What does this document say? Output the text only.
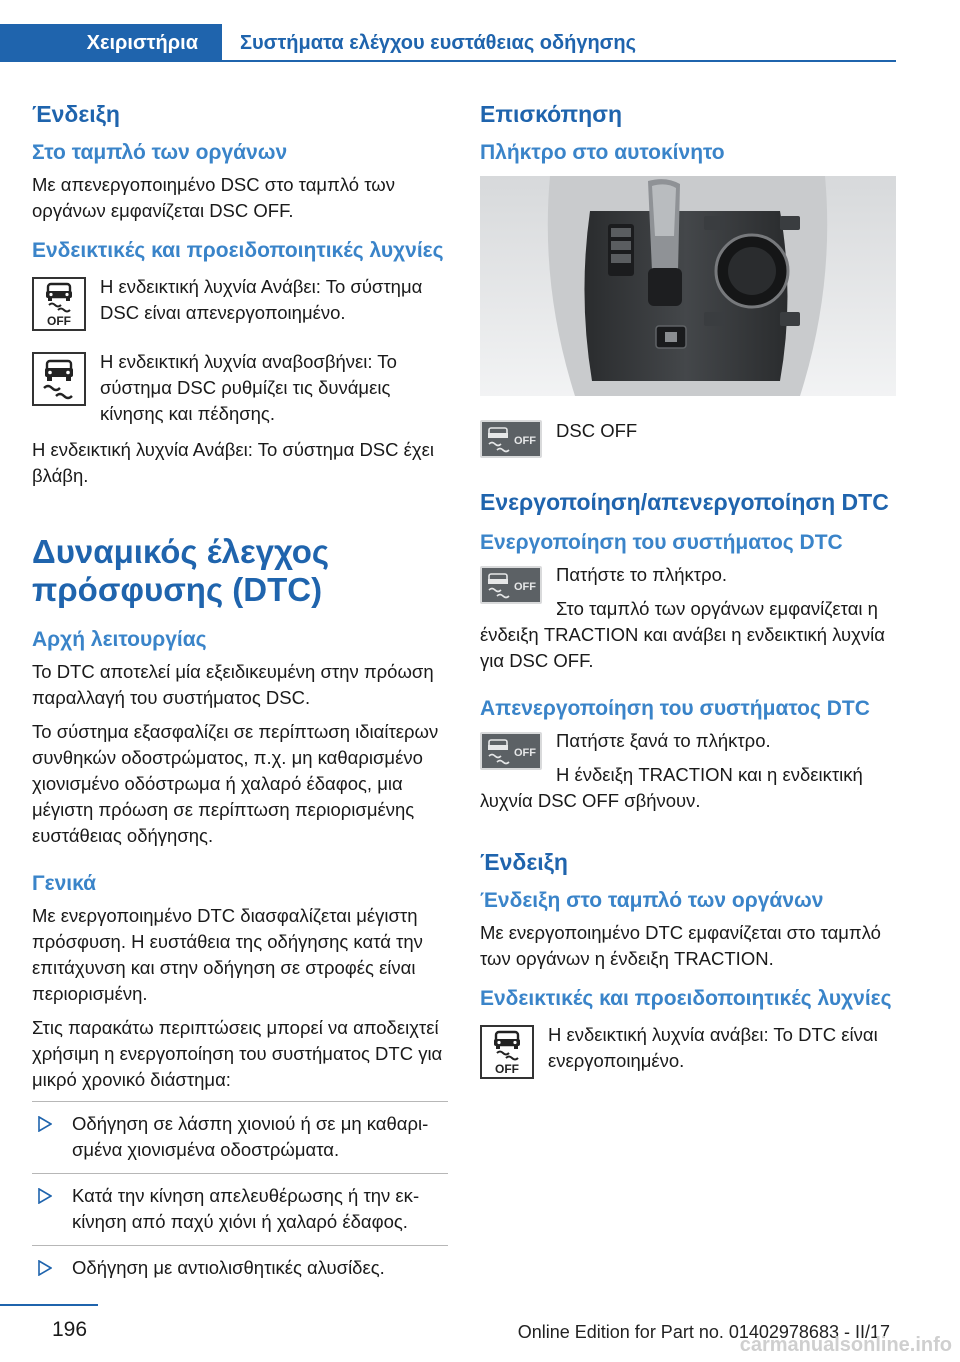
Χειριστήρια	Συστήματα ελέγχου ευστάθειας οδήγησης
Ένδειξη
Στο ταμπλό των οργάνων
Με απενεργοποιημένο DSC στο ταμπλό των οργάνων εμφανίζεται DSC OFF.
Ενδεικτικές και προειδοποιητικές λυχνίες
OFF
Η ενδεικτική λυχνία Ανάβει: Το σύστημα DSC είναι απενεργοποιημένο.
Η ενδεικτική λυχνία αναβοσβήνει: Το σύστημα DSC ρυθμίζει τις δυνάμεις κίνησης και πέδησης.
Η ενδεικτική λυχνία Ανάβει: Το σύστημα DSC έχει βλάβη.
Δυναμικός έλεγχος πρόσφυσης (DTC)
Αρχή λειτουργίας
Το DTC αποτελεί μία εξειδικευμένη στην πρόωση παραλλαγή του συστήματος DSC.
Το σύστημα εξασφαλίζει σε περίπτωση ιδιαίτερων συνθηκών οδοστρώματος, π.χ. μη καθαρισμένο χιονισμένο οδόστρωμα ή χαλαρό έδαφος, μια μέγιστη πρόωση σε περίπτωση περιορισμένης ευστάθειας οδήγησης.
Γενικά
Με ενεργοποιημένο DTC διασφαλίζεται μέγιστη πρόσφυση. Η ευστάθεια της οδήγησης κατά την επιτάχυνση και στην οδήγηση σε στροφές είναι περιορισμένη.
Στις παρακάτω περιπτώσεις μπορεί να αποδειχτεί χρήσιμη η ενεργοποίηση του συστήματος DTC για μικρό χρονικό διάστημα:
Οδήγηση σε λάσπη χιονιού ή σε μη καθαρισμένα χιονισμένα οδοστρώματα.
Κατά την κίνηση απελευθέρωσης ή την εκκίνηση από παχύ χιόνι ή χαλαρό έδαφος.
Οδήγηση με αντιολισθητικές αλυσίδες.
Επισκόπηση
Πλήκτρο στο αυτοκίνητο
OFF	DSC OFF
Ενεργοποίηση/απενεργοποίηση DTC
Ενεργοποίηση του συστήματος DTC
OFF
Πατήστε το πλήκτρο.
Στο ταμπλό των οργάνων εμφανίζεται η ένδειξη TRACTION και ανάβει η ενδεικτική λυχνία για DSC OFF.
Απενεργοποίηση του συστήματος DTC
OFF
Πατήστε ξανά το πλήκτρο.
Η ένδειξη TRACTION και η ενδεικτική λυχνία DSC OFF σβήνουν.
Ένδειξη
Ένδειξη στο ταμπλό των οργάνων
Με ενεργοποιημένο DTC εμφανίζεται στο ταμπλό των οργάνων η ένδειξη TRACTION.
Ενδεικτικές και προειδοποιητικές λυχνίες
OFF
Η ενδεικτική λυχνία ανάβει: Το DTC είναι ενεργοποιημένο.
196	Online Edition for Part no. 01402978683 - II/17
carmanualsonline.info
